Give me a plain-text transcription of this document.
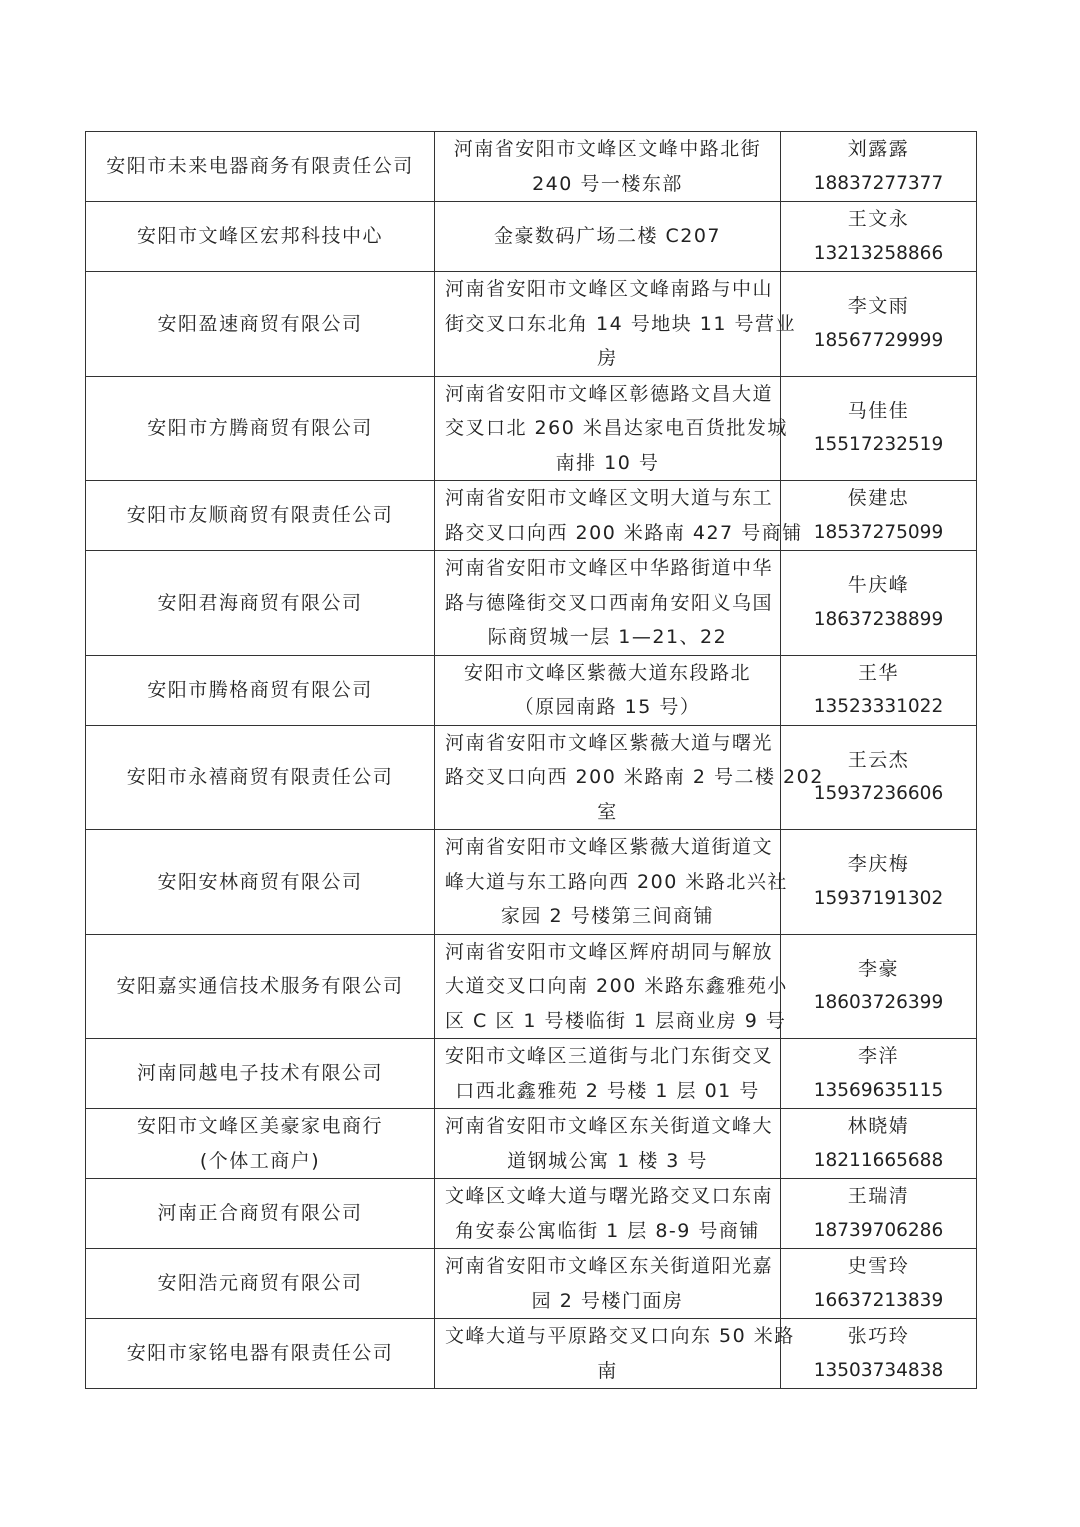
安阳市未来电器商务有限责任公司	河南省安阳市文峰区文峰中路北街
240 号一楼东部	刘露露
18837277377

安阳市文峰区宏邦科技中心	金豪数码广场二楼 C207	王文永
13213258866

安阳盈速商贸有限公司	河南省安阳市文峰区文峰南路与中山
街交叉口东北角 14 号地块 11 号营业
房	李文雨
18567729999

安阳市方腾商贸有限公司	河南省安阳市文峰区彰德路文昌大道
交叉口北 260 米昌达家电百货批发城
南排 10 号	马佳佳
15517232519

安阳市友顺商贸有限责任公司	河南省安阳市文峰区文明大道与东工
路交叉口向西 200 米路南 427 号商铺	侯建忠
18537275099

安阳君海商贸有限公司	河南省安阳市文峰区中华路街道中华
路与德隆街交叉口西南角安阳义乌国
际商贸城一层 1—21、22	牛庆峰
18637238899

安阳市腾格商贸有限公司	安阳市文峰区紫薇大道东段路北
（原园南路 15 号）	王华
13523331022

安阳市永禧商贸有限责任公司	河南省安阳市文峰区紫薇大道与曙光
路交叉口向西 200 米路南 2 号二楼 202
室	王云杰
15937236606

安阳安林商贸有限公司	河南省安阳市文峰区紫薇大道街道文
峰大道与东工路向西 200 米路北兴社
家园 2 号楼第三间商铺	李庆梅
15937191302

安阳嘉实通信技术服务有限公司	河南省安阳市文峰区辉府胡同与解放
大道交叉口向南 200 米路东鑫雅苑小
区 C 区 1 号楼临街 1 层商业房 9 号	李豪
18603726399

河南同越电子技术有限公司	安阳市文峰区三道街与北门东街交叉
口西北鑫雅苑 2 号楼 1 层 01 号	李洋
13569635115

安阳市文峰区美豪家电商行
(个体工商户)	河南省安阳市文峰区东关街道文峰大
道钢城公寓 1 楼 3 号	林晓婧
18211665688

河南正合商贸有限公司	文峰区文峰大道与曙光路交叉口东南
角安泰公寓临街 1 层 8-9 号商铺	王瑞清
18739706286

安阳浩元商贸有限公司	河南省安阳市文峰区东关街道阳光嘉
园 2 号楼门面房	史雪玲
16637213839

安阳市家铭电器有限责任公司	文峰大道与平原路交叉口向东 50 米路
南	张巧玲
13503734838
